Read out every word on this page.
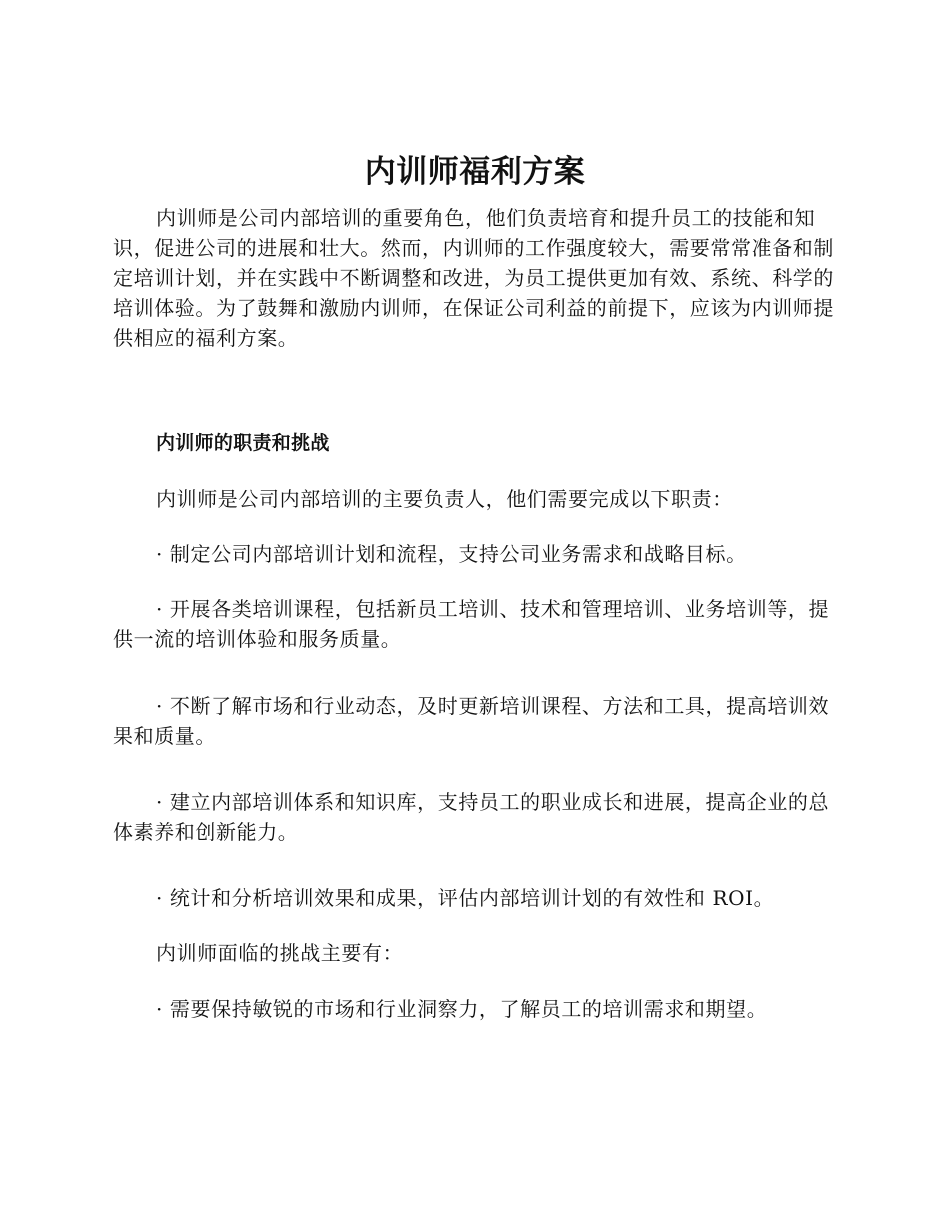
内训师福利方案

内训师是公司内部培训的重要角色，他们负责培育和提升员工的技能和知识，促进公司的进展和壮大。然而，内训师的工作强度较大，需要常常准备和制定培训计划，并在实践中不断调整和改进，为员工提供更加有效、系统、科学的培训体验。为了鼓舞和激励内训师，在保证公司利益的前提下，应该为内训师提供相应的福利方案。

内训师的职责和挑战

内训师是公司内部培训的主要负责人，他们需要完成以下职责：

· 制定公司内部培训计划和流程，支持公司业务需求和战略目标。

· 开展各类培训课程，包括新员工培训、技术和管理培训、业务培训等，提供一流的培训体验和服务质量。

· 不断了解市场和行业动态，及时更新培训课程、方法和工具，提高培训效果和质量。

· 建立内部培训体系和知识库，支持员工的职业成长和进展，提高企业的总体素养和创新能力。

· 统计和分析培训效果和成果，评估内部培训计划的有效性和 ROI。

内训师面临的挑战主要有：

· 需要保持敏锐的市场和行业洞察力，了解员工的培训需求和期望。
